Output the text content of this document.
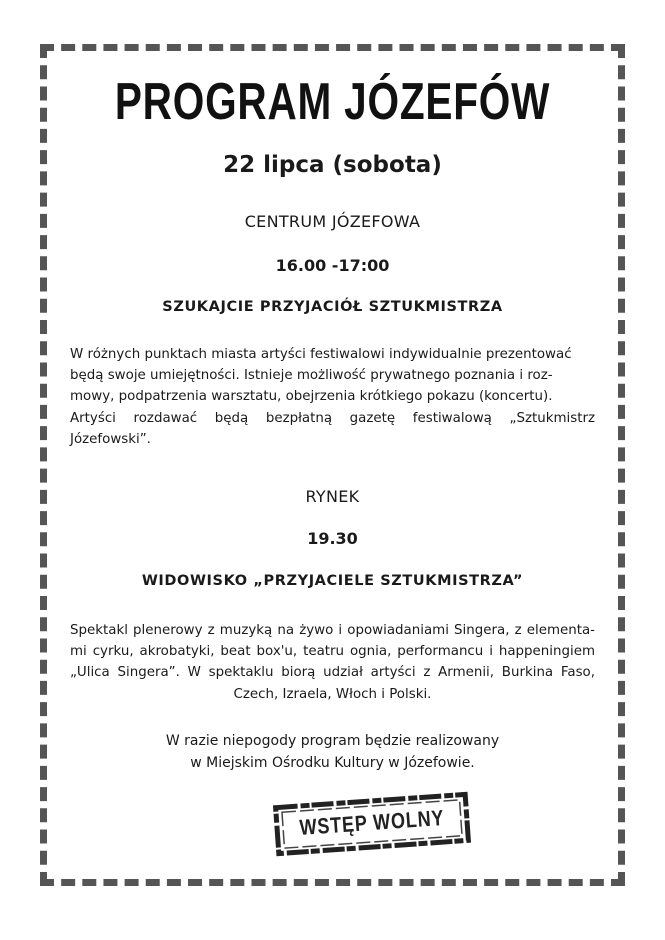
PROGRAM JÓZEFÓW
22 lipca (sobota)
CENTRUM JÓZEFOWA
16.00 -17:00
SZUKAJCIE PRZYJACIÓŁ SZTUKMISTRZA

W różnych punktach miasta artyści festiwalowi indywidualnie prezentować

będą swoje umiejętności. Istnieje możliwość prywatnego poznania i roz-

mowy, podpatrzenia warsztatu, obejrzenia krótkiego pokazu (koncertu).

Artyści rozdawać będą bezpłatną gazetę festiwalową „Sztukmistrz Józefowski”.

RYNEK
19.30
WIDOWISKO „PRZYJACIELE SZTUKMISTRZA”

Spektakl plenerowy z muzyką na żywo i opowiadaniami Singera, z elementa-

mi cyrku, akrobatyki, beat box'u, teatru ognia, performancu i happeningiem

„Ulica Singera”. W spektaklu biorą udział artyści z Armenii, Burkina Faso,

Czech, Izraela, Włoch i Polski.

W razie niepogody program będzie realizowany
w Miejskim Ośrodku Kultury w Józefowie.
WSTĘP WOLNY
